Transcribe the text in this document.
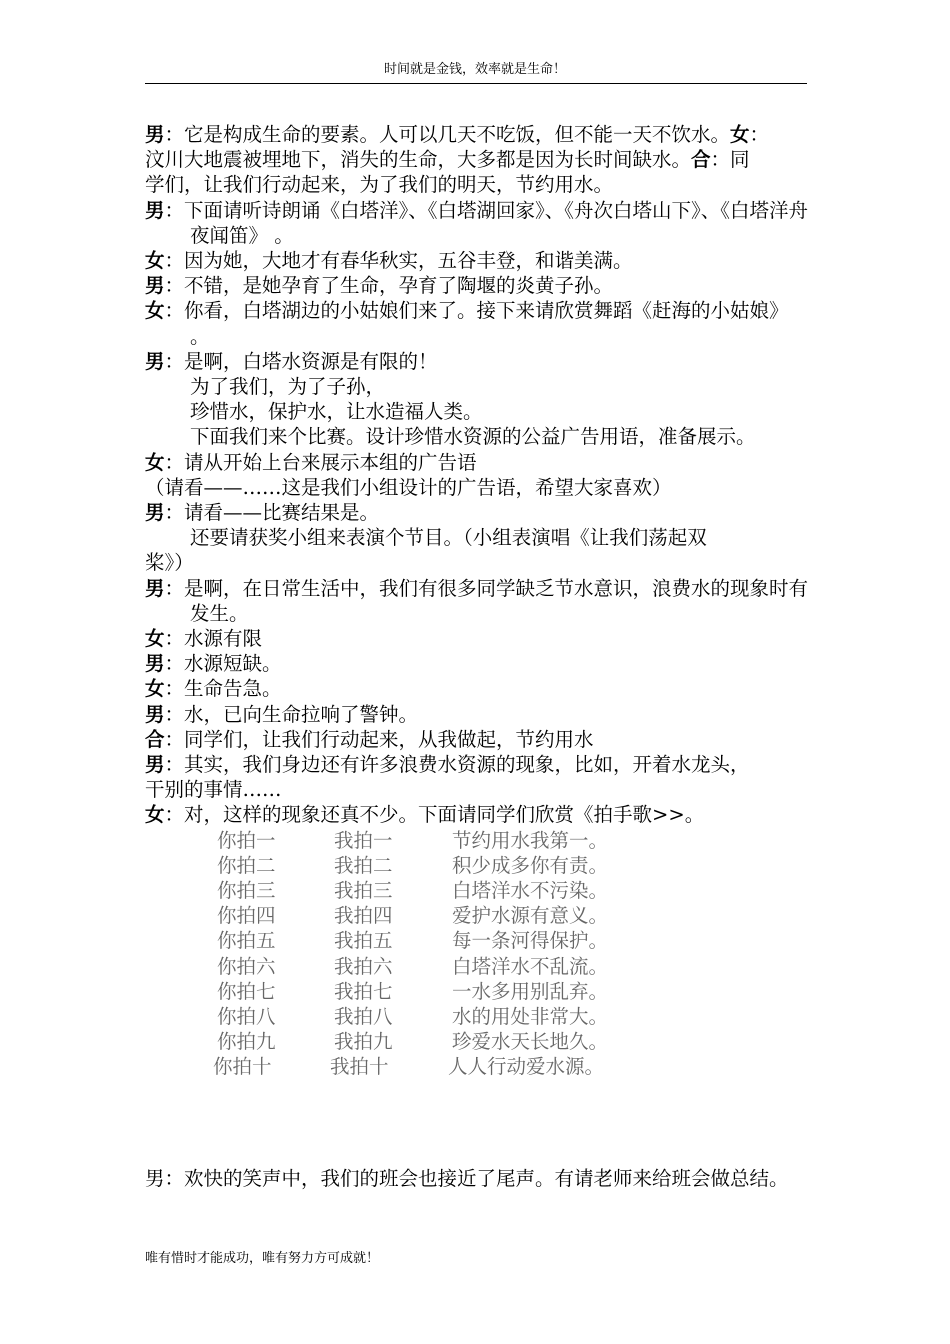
时间就是金钱，效率就是生命！

男：它是构成生命的要素。人可以几天不吃饭，但不能一天不饮水。女：

汶川大地震被埋地下，消失的生命，大多都是因为长时间缺水。合：同

学们，让我们行动起来，为了我们的明天，节约用水。

男：下面请听诗朗诵《白塔洋》、《白塔湖回家》、《舟次白塔山下》、《白塔洋舟夜闻笛》 。

女：因为她，大地才有春华秋实，五谷丰登，和谐美满。

男：不错，是她孕育了生命，孕育了陶堰的炎黄子孙。

女：你看，白塔湖边的小姑娘们来了。接下来请欣赏舞蹈《赶海的小姑娘》 。

男：是啊，白塔水资源是有限的！

为了我们，为了子孙，

珍惜水，保护水，让水造福人类。

下面我们来个比赛。设计珍惜水资源的公益广告用语，准备展示。

女：请从开始上台来展示本组的广告语

（请看——……这是我们小组设计的广告语，希望大家喜欢）

男：请看——比赛结果是。

还要请获奖小组来表演个节目。（小组表演唱《让我们荡起双

桨》）

男：是啊，在日常生活中，我们有很多同学缺乏节水意识，浪费水的现象时有发生。

女：水源有限

男：水源短缺。

女：生命告急。

男：水，已向生命拉响了警钟。

合：同学们，让我们行动起来，从我做起，节约用水

男：其实，我们身边还有许多浪费水资源的现象，比如，开着水龙头，

干别的事情……

女：对，这样的现象还真不少。下面请同学们欣赏《拍手歌>>。

你拍一	我拍一	节约用水我第一。
你拍二	我拍二	积少成多你有责。
你拍三	我拍三	白塔洋水不污染。
你拍四	我拍四	爱护水源有意义。
你拍五	我拍五	每一条河得保护。
你拍六	我拍六	白塔洋水不乱流。
你拍七	我拍七	一水多用别乱弃。
你拍八	我拍八	水的用处非常大。
你拍九	我拍九	珍爱水天长地久。
你拍十	我拍十	人人行动爱水源。

男：欢快的笑声中，我们的班会也接近了尾声。有请老师来给班会做总结。

唯有惜时才能成功，唯有努力方可成就！
